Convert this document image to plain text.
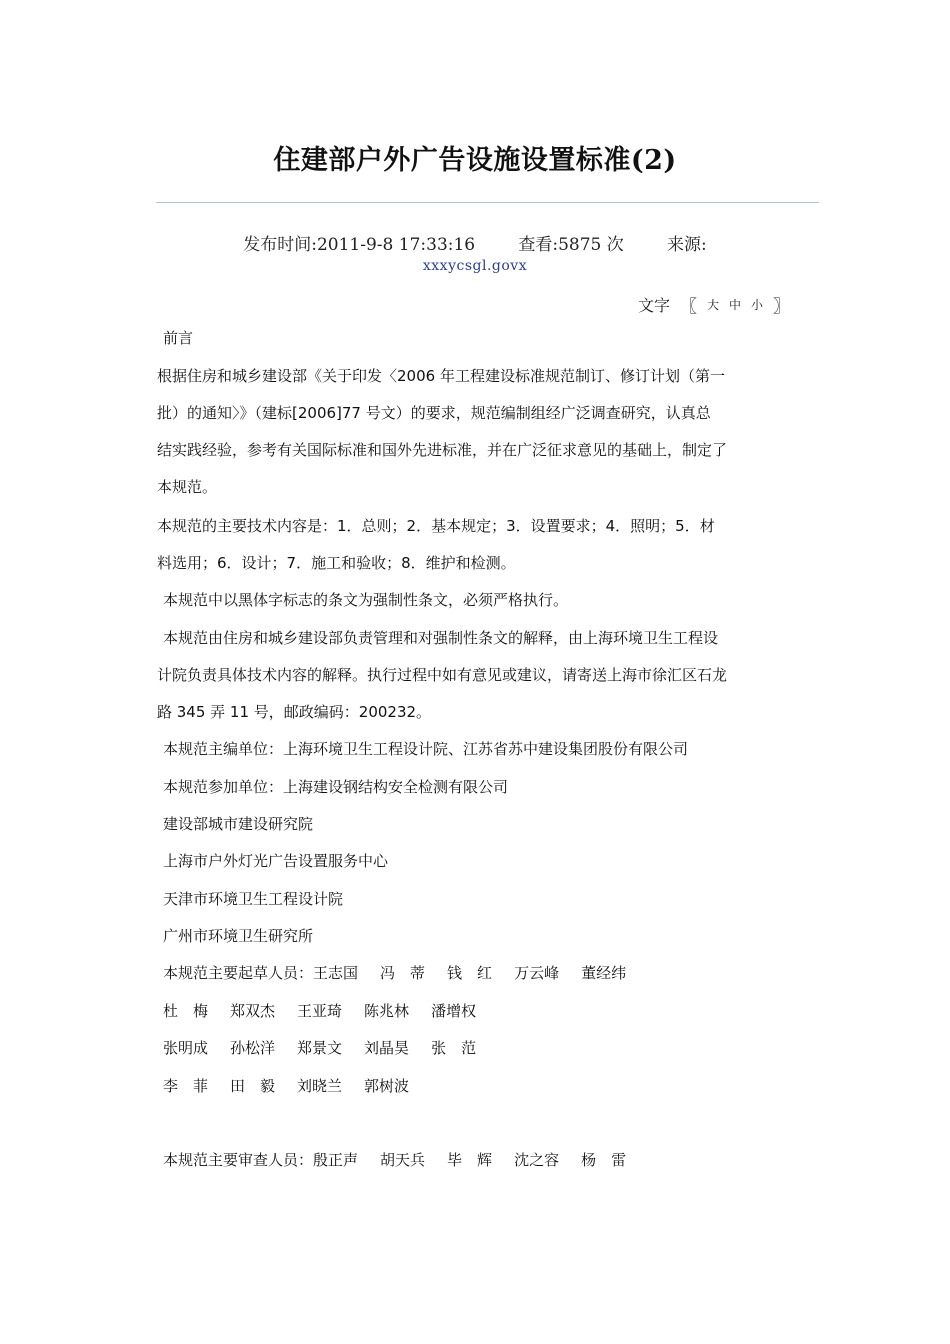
住建部户外广告设施设置标准(2)
发布时间:2011-9-8 17:33:16	查看:5875 次	来源:
xxxycsgl.govx
文字 〖 大 中 小 〗
前言
根据住房和城乡建设部《关于印发〈2006 年工程建设标准规范制订、修订计划（第一
批）的通知〉》（建标[2006]77 号文）的要求，规范编制组经广泛调查研究，认真总
结实践经验，参考有关国际标准和国外先进标准，并在广泛征求意见的基础上，制定了
本规范。
本规范的主要技术内容是：1．总则；2．基本规定；3．设置要求；4．照明；5．材
料选用；6．设计；7．施工和验收；8．维护和检测。
本规范中以黑体字标志的条文为强制性条文，必须严格执行。
本规范由住房和城乡建设部负责管理和对强制性条文的解释，由上海环境卫生工程设
计院负责具体技术内容的解释。执行过程中如有意见或建议，请寄送上海市徐汇区石龙
路 345 弄 11 号，邮政编码：200232。
本规范主编单位：上海环境卫生工程设计院、江苏省苏中建设集团股份有限公司
本规范参加单位：上海建设钢结构安全检测有限公司
建设部城市建设研究院
上海市户外灯光广告设置服务中心
天津市环境卫生工程设计院
广州市环境卫生研究所
本规范主要起草人员：王志国 冯　蒂 钱　红 万云峰 董经纬
杜　梅 郑双杰 王亚琦 陈兆林 潘增权
张明成 孙松洋 郑景文 刘晶昊 张　范
李　菲 田　毅 刘晓兰 郭树波
本规范主要审查人员：殷正声 胡天兵 毕　辉 沈之容 杨　雷
